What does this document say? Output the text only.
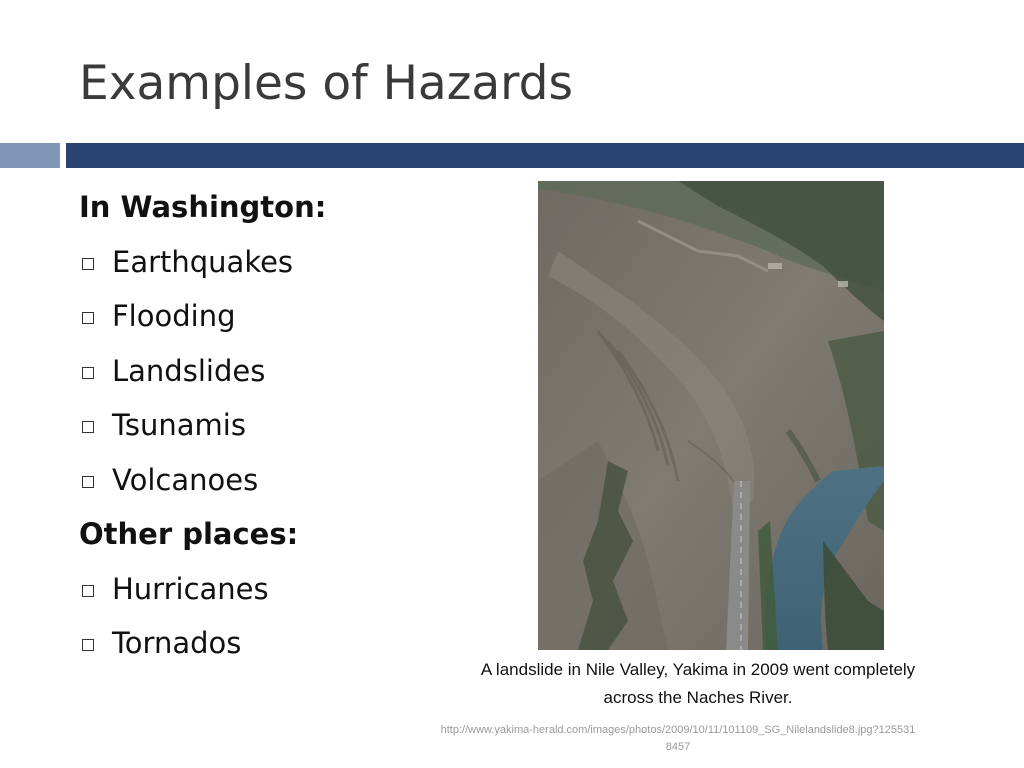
Examples of Hazards
In Washington:
Earthquakes
Flooding
Landslides
Tsunamis
Volcanoes
Other places:
Hurricanes
Tornados
A landslide in Nile Valley, Yakima in 2009 went completely across the Naches River.
http://www.yakima-herald.com/images/photos/2009/10/11/101109_SG_Nilelandslide8.jpg?1255318457
